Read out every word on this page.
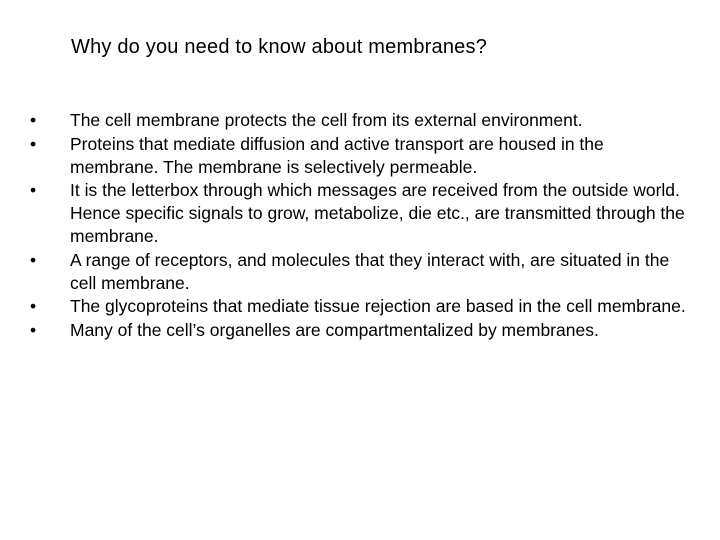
Why do you need to know about membranes?
•	The cell membrane protects the cell from its external environment.
•	Proteins that mediate diffusion and active transport are housed in the membrane. The membrane is selectively permeable.
•	It is the letterbox through which messages are received from the outside world. Hence specific signals to grow, metabolize, die etc., are transmitted through the membrane.
•	A range of receptors, and molecules that they interact with, are situated in the cell membrane.
•	The glycoproteins that mediate tissue rejection are based in the cell membrane.
•	Many of the cell’s organelles are compartmentalized by membranes.
